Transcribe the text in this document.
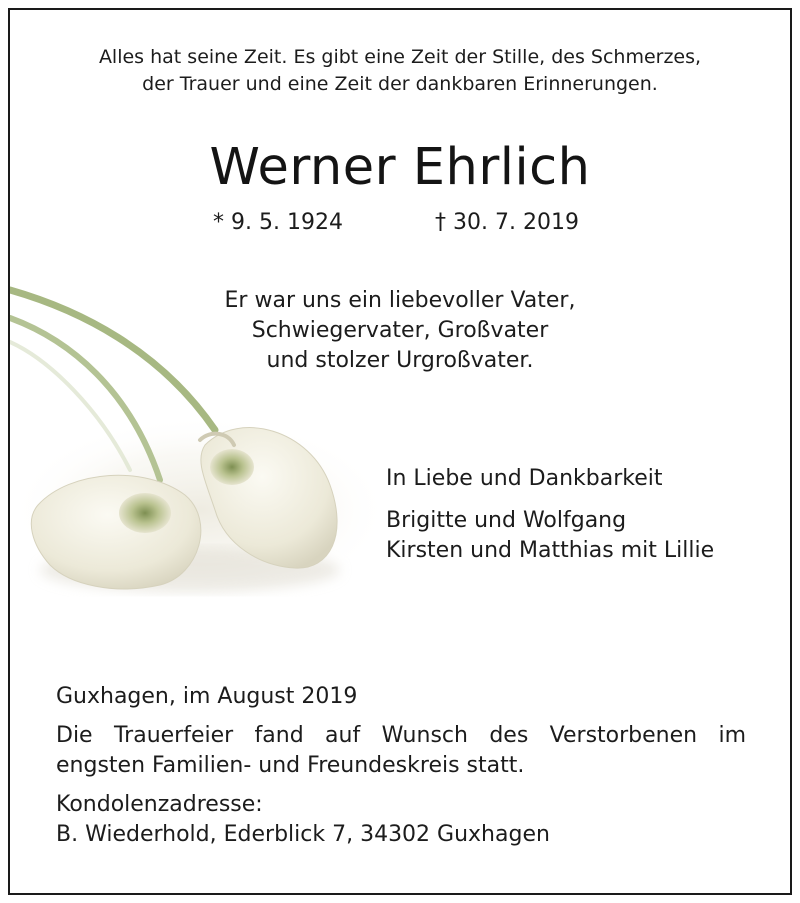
Alles hat seine Zeit. Es gibt eine Zeit der Stille, des Schmerzes,
der Trauer und eine Zeit der dankbaren Erinnerungen.
Werner Ehrlich
* 9. 5. 1924	† 30. 7. 2019
Er war uns ein liebevoller Vater,
Schwiegervater, Großvater
und stolzer Urgroßvater.
In Liebe und Dankbarkeit
Brigitte und Wolfgang
Kirsten und Matthias mit Lillie
Guxhagen, im August 2019
Die Trauerfeier fand auf Wunsch des Verstorbenen im
engsten Familien- und Freundeskreis statt.
Kondolenzadresse:
B. Wiederhold, Ederblick 7, 34302 Guxhagen
